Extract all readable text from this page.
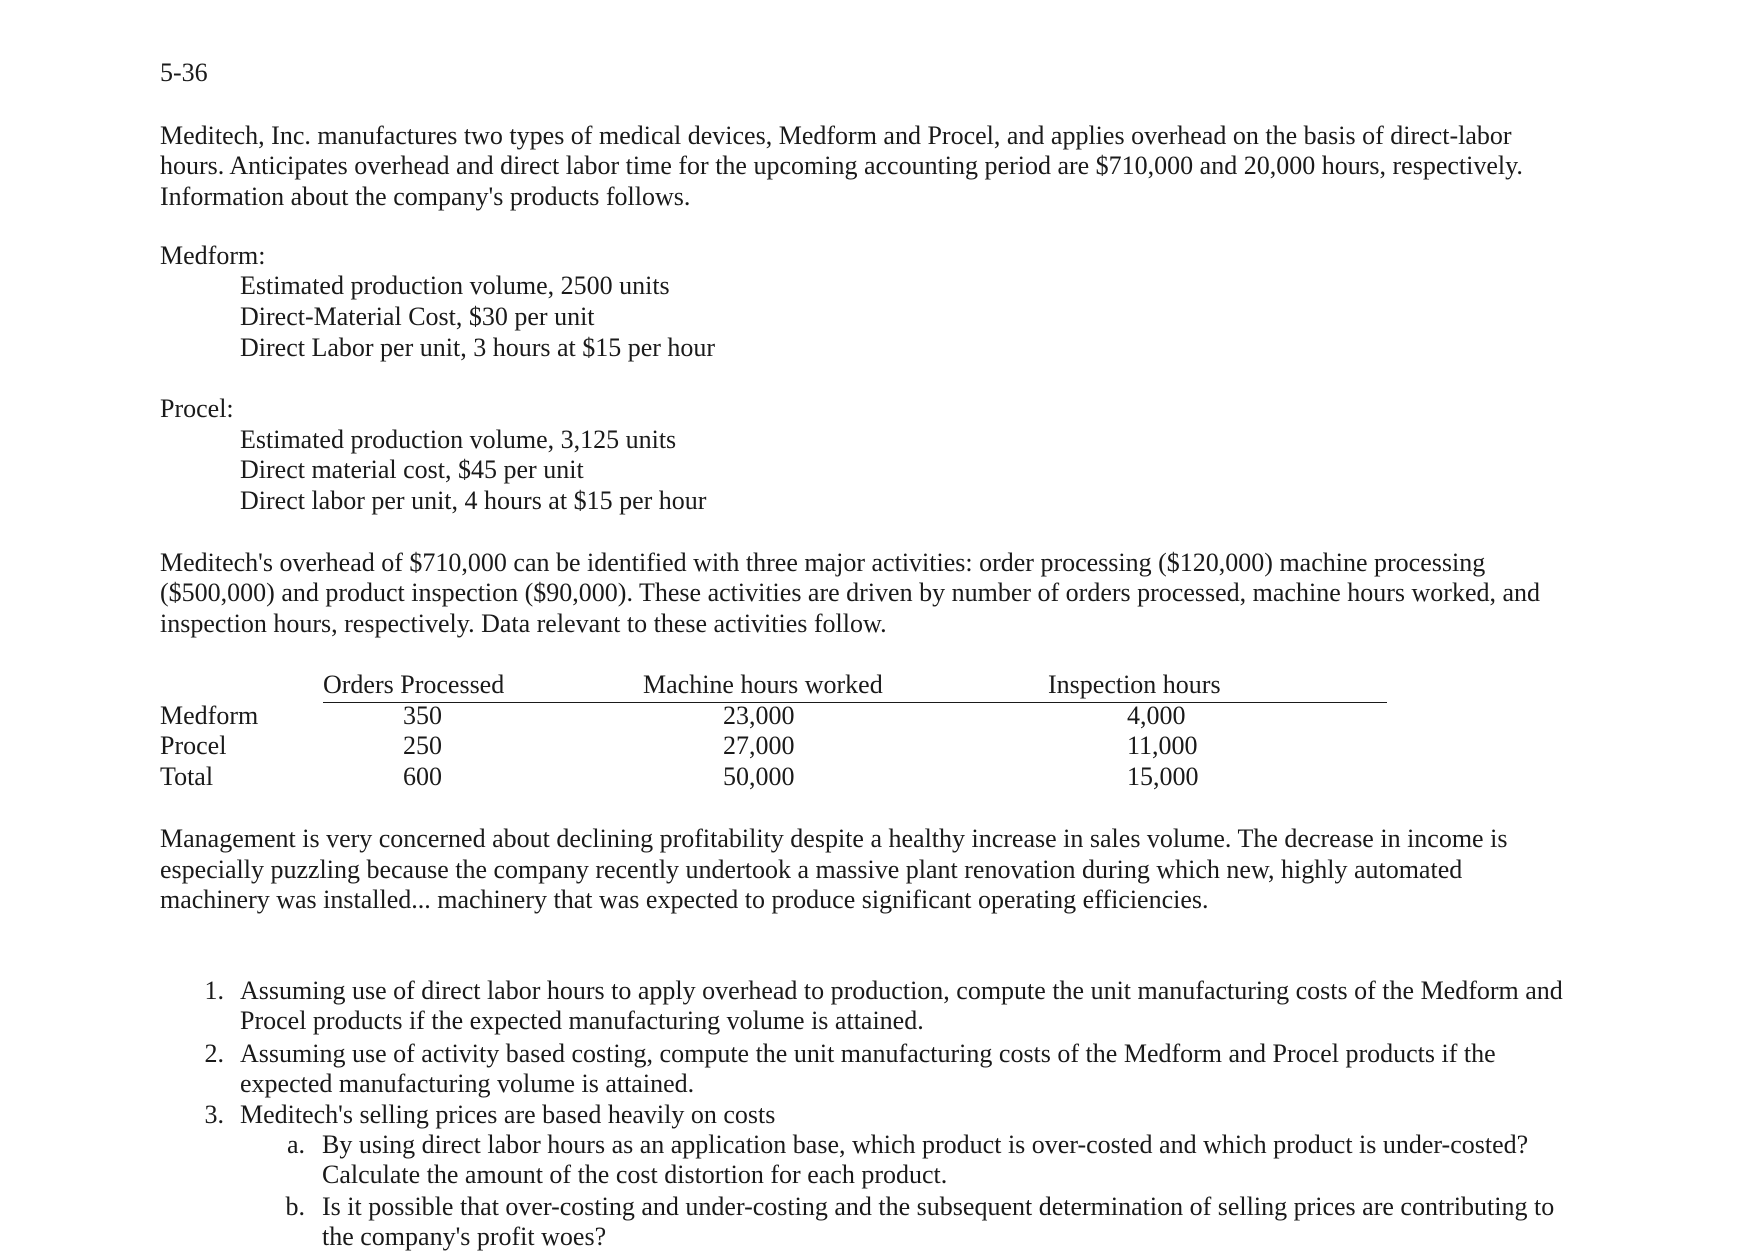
5-36
Meditech, Inc. manufactures two types of medical devices, Medform and Procel, and applies overhead on the basis of direct-labor
hours. Anticipates overhead and direct labor time for the upcoming accounting period are $710,000 and 20,000 hours, respectively.
Information about the company's products follows.
Medform:
Estimated production volume, 2500 units
Direct-Material Cost, $30 per unit
Direct Labor per unit, 3 hours at $15 per hour
Procel:
Estimated production volume, 3,125 units
Direct material cost, $45 per unit
Direct labor per unit, 4 hours at $15 per hour
Meditech's overhead of $710,000 can be identified with three major activities: order processing ($120,000) machine processing
($500,000) and product inspection ($90,000). These activities are driven by number of orders processed, machine hours worked, and
inspection hours, respectively. Data relevant to these activities follow.
Orders Processed	Machine hours worked	Inspection hours
Medform	350	23,000	4,000
Procel	250	27,000	11,000
Total	600	50,000	15,000
Management is very concerned about declining profitability despite a healthy increase in sales volume. The decrease in income is
especially puzzling because the company recently undertook a massive plant renovation during which new, highly automated
machinery was installed... machinery that was expected to produce significant operating efficiencies.
1. Assuming use of direct labor hours to apply overhead to production, compute the unit manufacturing costs of the Medform and
Procel products if the expected manufacturing volume is attained.
2. Assuming use of activity based costing, compute the unit manufacturing costs of the Medform and Procel products if the
expected manufacturing volume is attained.
3. Meditech's selling prices are based heavily on costs
a. By using direct labor hours as an application base, which product is over-costed and which product is under-costed?
Calculate the amount of the cost distortion for each product.
b. Is it possible that over-costing and under-costing and the subsequent determination of selling prices are contributing to
the company's profit woes?
